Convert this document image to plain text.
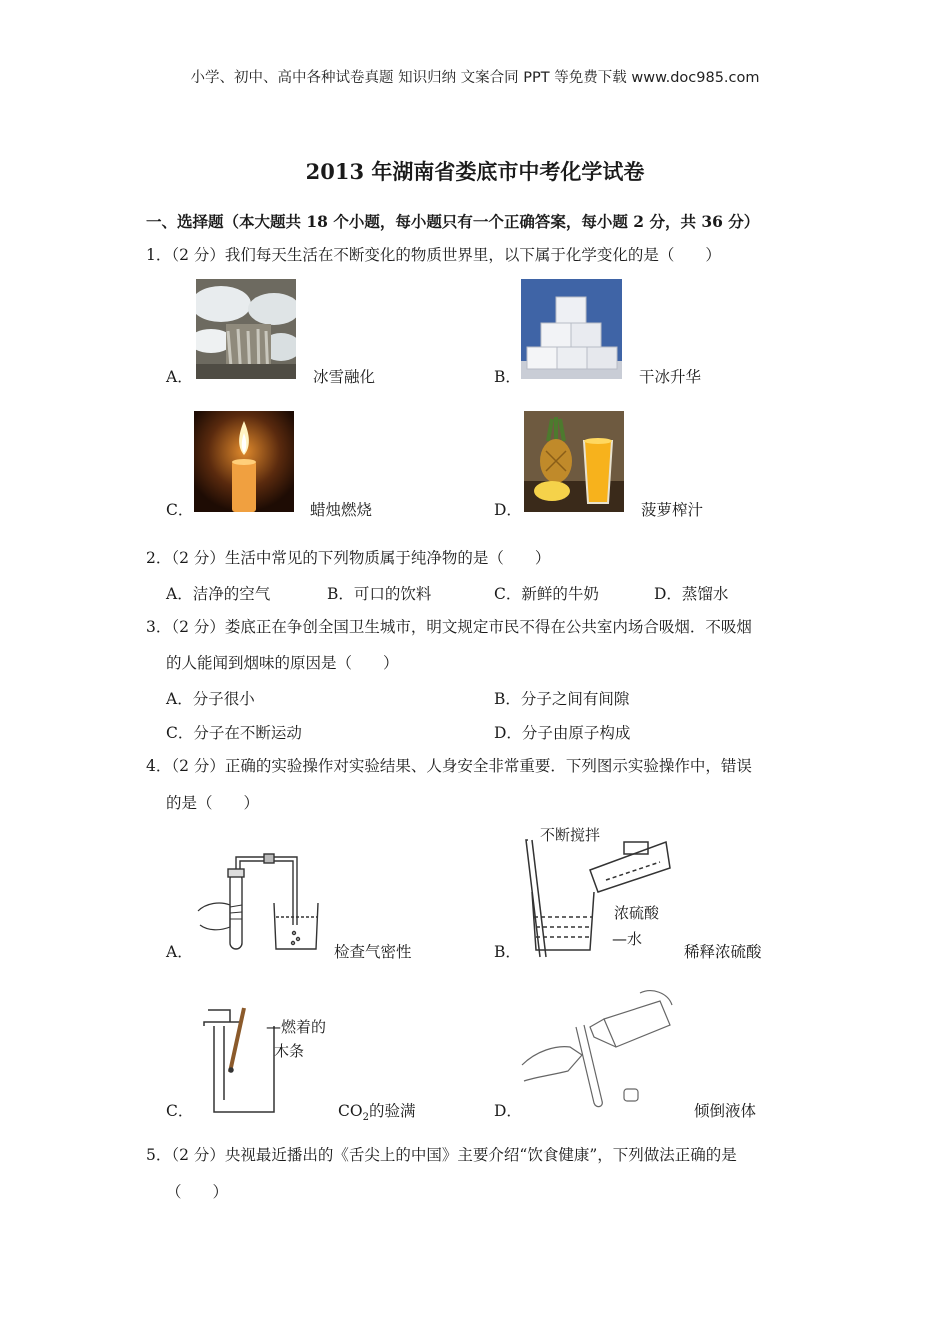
小学、初中、高中各种试卷真题 知识归纳 文案合同 PPT 等免费下载 www.doc985.com
2013 年湖南省娄底市中考化学试卷
一、选择题（本大题共 18 个小题，每小题只有一个正确答案，每小题 2 分，共 36 分）
1．（2 分）我们每天生活在不断变化的物质世界里，以下属于化学变化的是（　　）
A．	冰雪融化	B．	干冰升华
C．	蜡烛燃烧	D．	菠萝榨汁
2．（2 分）生活中常见的下列物质属于纯净物的是（　　）
A．洁净的空气	B．可口的饮料	C．新鲜的牛奶	D．蒸馏水
3．（2 分）娄底正在争创全国卫生城市，明文规定市民不得在公共室内场合吸烟．不吸烟
的人能闻到烟味的原因是（　　）
A．分子很小	B．分子之间有间隙
C．分子在不断运动	D．分子由原子构成
4．（2 分）正确的实验操作对实验结果、人身安全非常重要．下列图示实验操作中，错误
的是（　　）
A．	检查气密性	B．
不断搅拌
浓硫酸
—水
稀释浓硫酸
C．
—燃着的
木条
$CO_2$的验满	D．	倾倒液体
5．（2 分）央视最近播出的《舌尖上的中国》主要介绍“饮食健康”，下列做法正确的是
（　　）
